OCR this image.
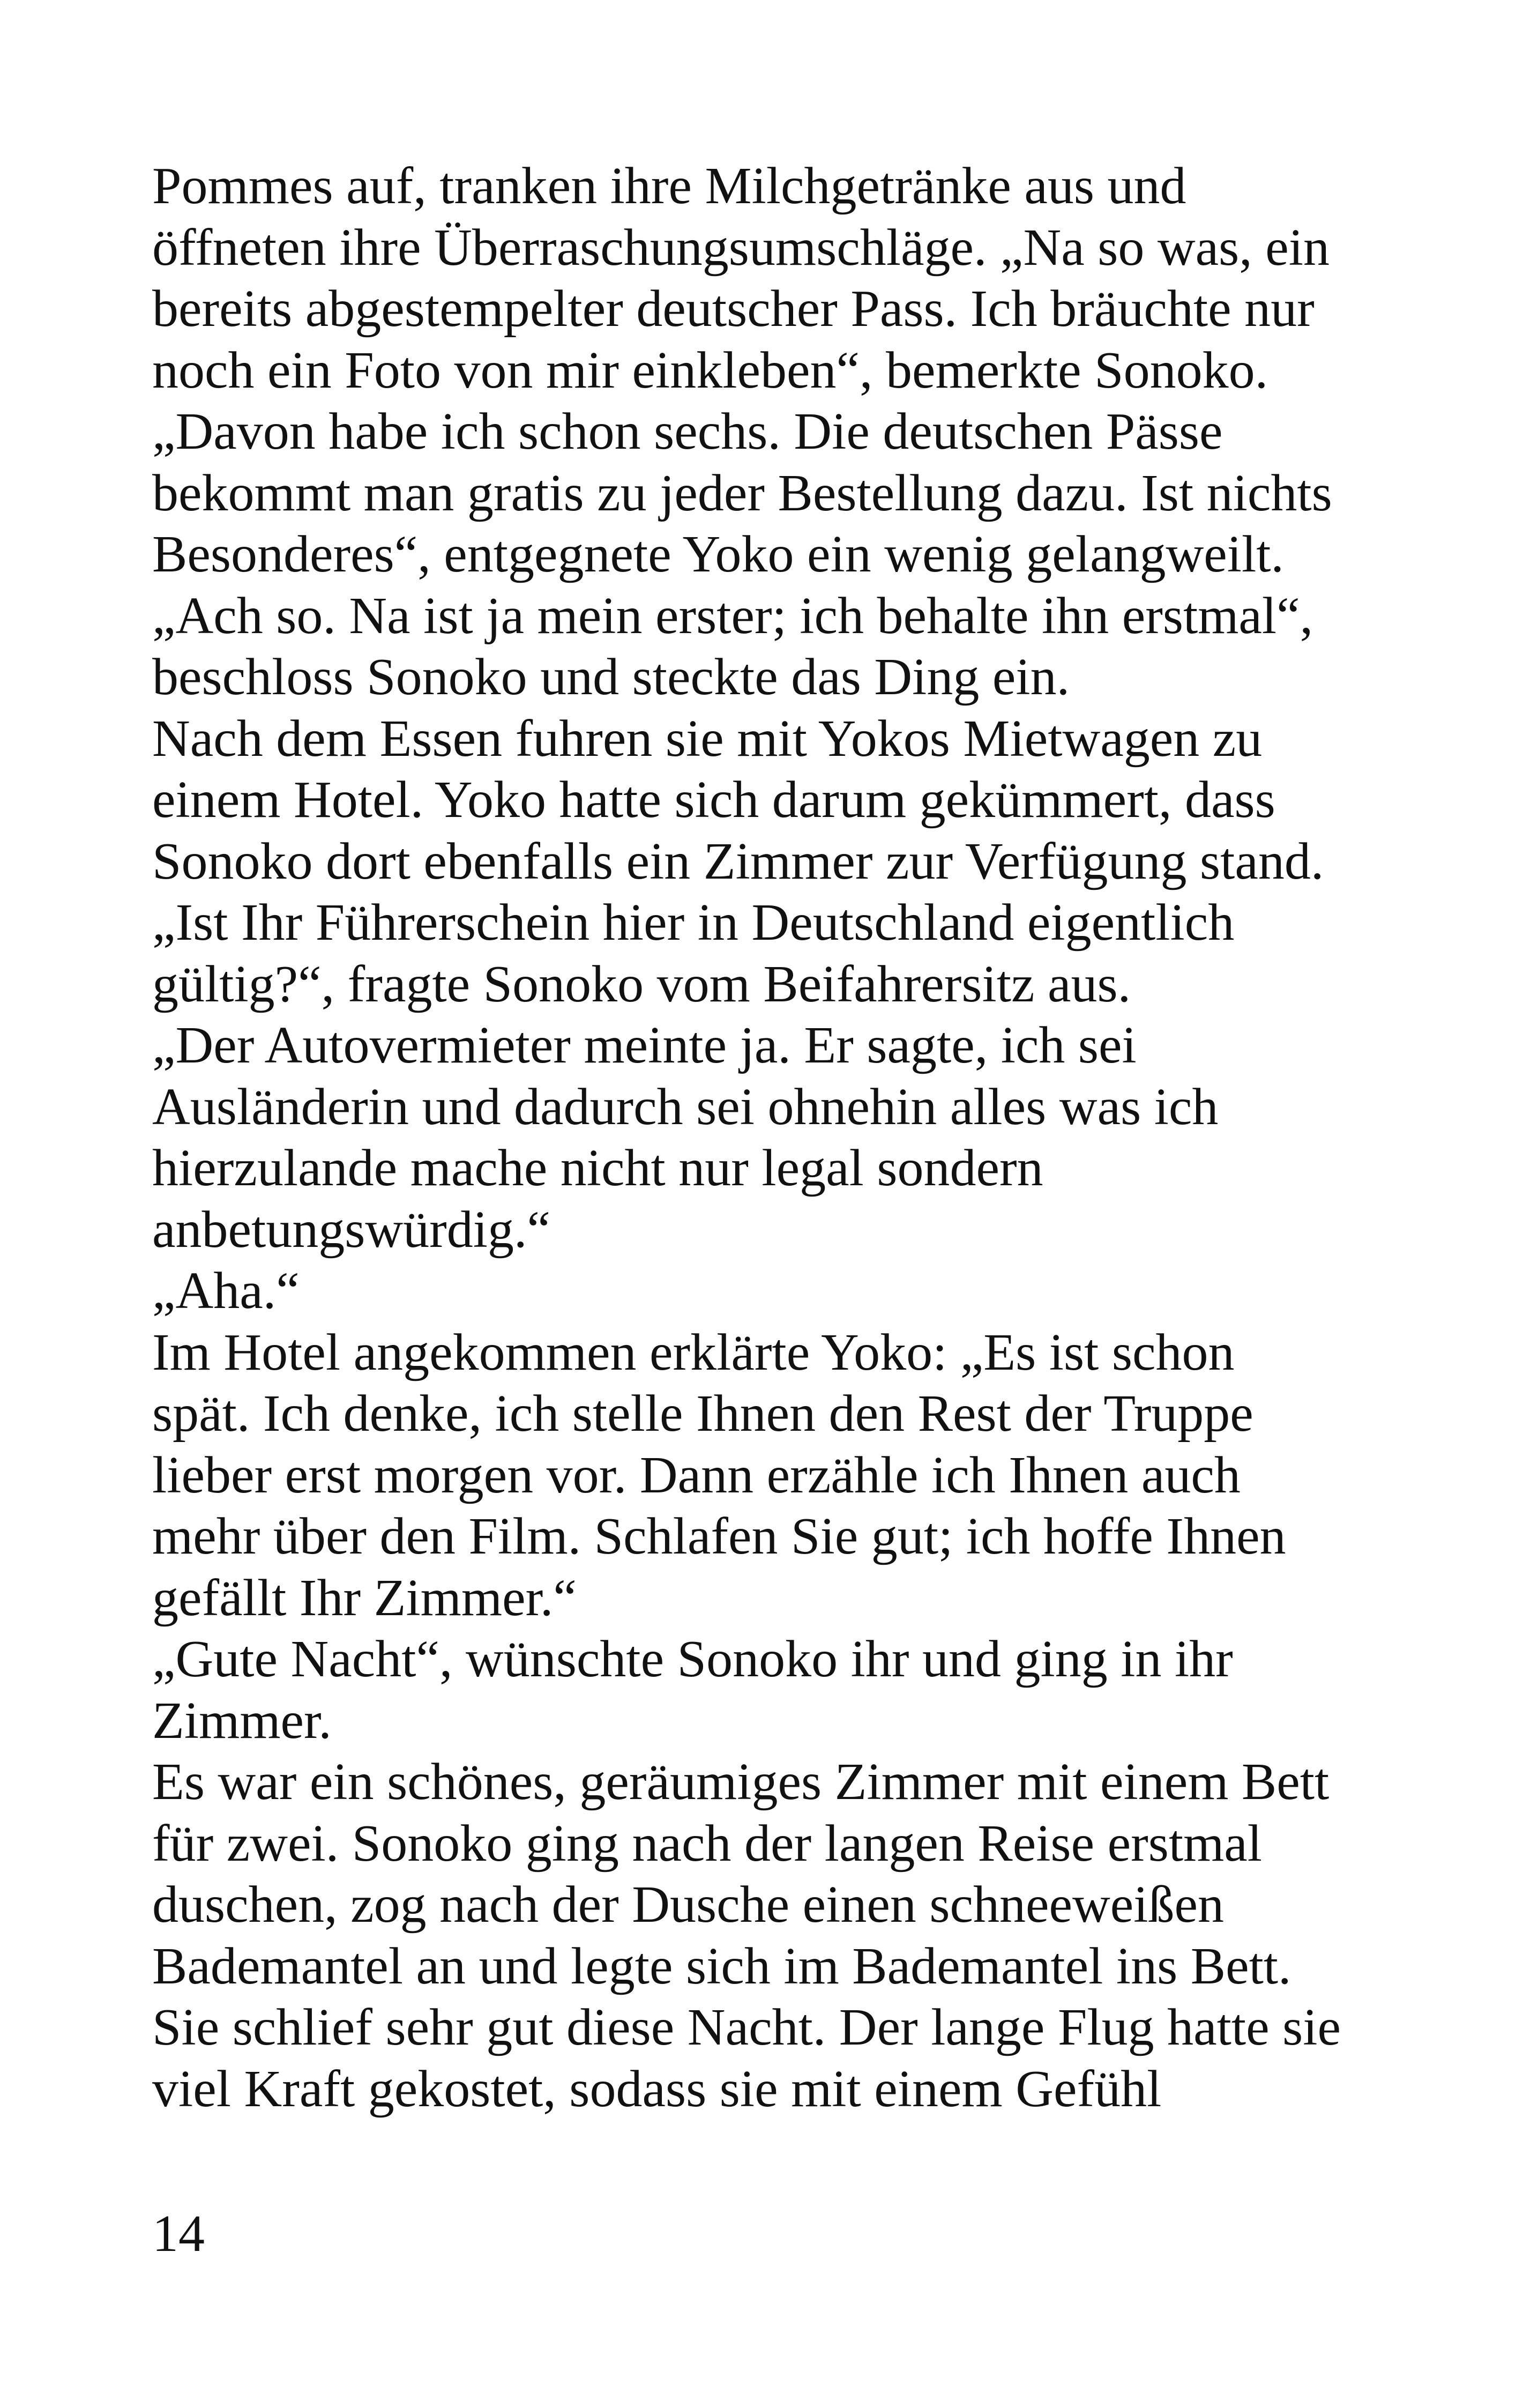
Pommes auf, tranken ihre Milchgetränke aus und
öffneten ihre Überraschungsumschläge. „Na so was, ein
bereits abgestempelter deutscher Pass. Ich bräuchte nur
noch ein Foto von mir einkleben“, bemerkte Sonoko.
„Davon habe ich schon sechs. Die deutschen Pässe
bekommt man gratis zu jeder Bestellung dazu. Ist nichts
Besonderes“, entgegnete Yoko ein wenig gelangweilt.
„Ach so. Na ist ja mein erster; ich behalte ihn erstmal“,
beschloss Sonoko und steckte das Ding ein.
Nach dem Essen fuhren sie mit Yokos Mietwagen zu
einem Hotel. Yoko hatte sich darum gekümmert, dass
Sonoko dort ebenfalls ein Zimmer zur Verfügung stand.
„Ist Ihr Führerschein hier in Deutschland eigentlich
gültig?“, fragte Sonoko vom Beifahrersitz aus.
„Der Autovermieter meinte ja. Er sagte, ich sei
Ausländerin und dadurch sei ohnehin alles was ich
hierzulande mache nicht nur legal sondern
anbetungswürdig.“
„Aha.“
Im Hotel angekommen erklärte Yoko: „Es ist schon
spät. Ich denke, ich stelle Ihnen den Rest der Truppe
lieber erst morgen vor. Dann erzähle ich Ihnen auch
mehr über den Film. Schlafen Sie gut; ich hoffe Ihnen
gefällt Ihr Zimmer.“
„Gute Nacht“, wünschte Sonoko ihr und ging in ihr
Zimmer.
Es war ein schönes, geräumiges Zimmer mit einem Bett
für zwei. Sonoko ging nach der langen Reise erstmal
duschen, zog nach der Dusche einen schneeweißen
Bademantel an und legte sich im Bademantel ins Bett.
Sie schlief sehr gut diese Nacht. Der lange Flug hatte sie
viel Kraft gekostet, sodass sie mit einem Gefühl
14
